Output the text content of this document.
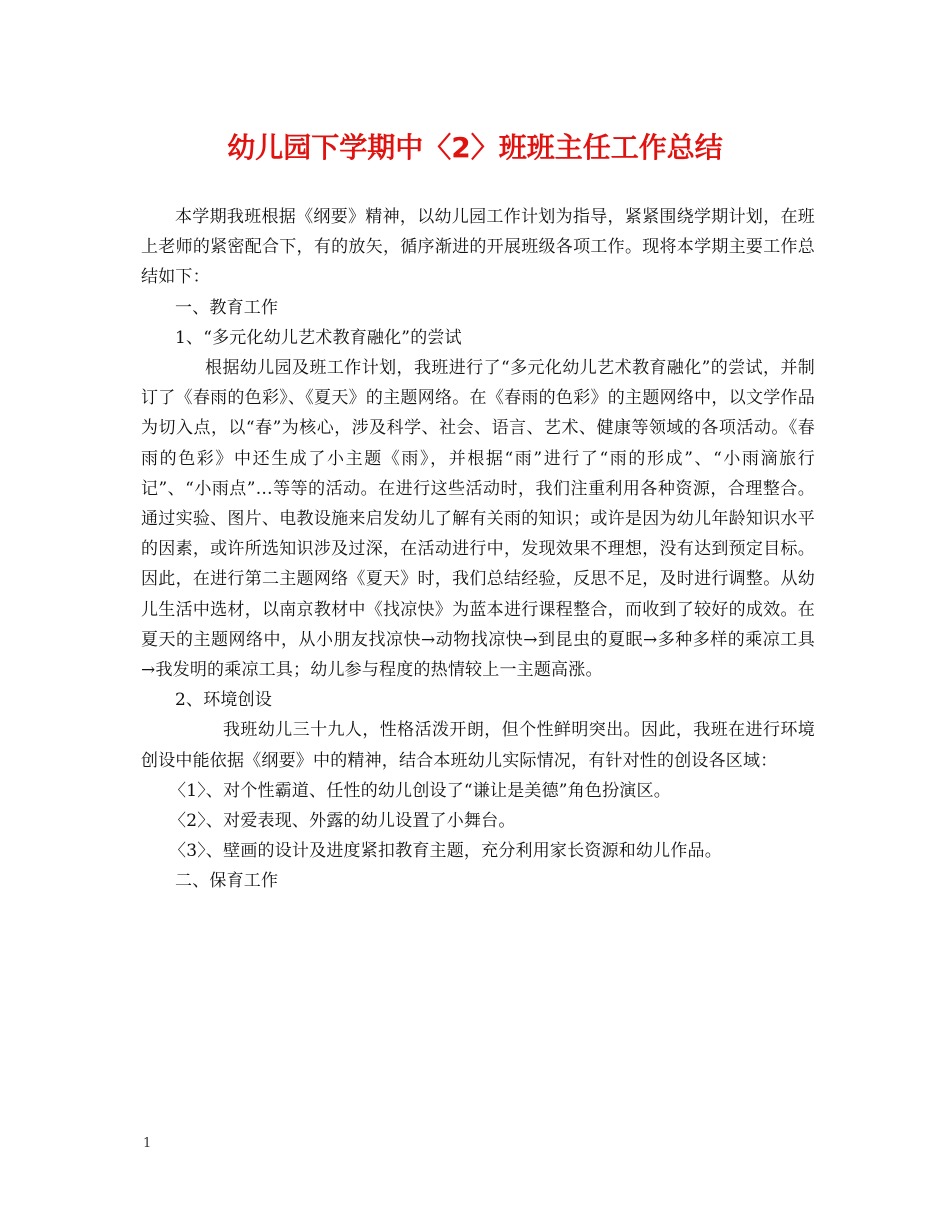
幼儿园下学期中〈2〉班班主任工作总结

本学期我班根据《纲要》精神，以幼儿园工作计划为指导，紧紧围绕学期计划，在班上老师的紧密配合下，有的放矢，循序渐进的开展班级各项工作。现将本学期主要工作总结如下：

一、教育工作

1、“多元化幼儿艺术教育融化”的尝试

根据幼儿园及班工作计划，我班进行了“多元化幼儿艺术教育融化”的尝试，并制订了《春雨的色彩》、《夏天》的主题网络。在《春雨的色彩》的主题网络中，以文学作品为切入点，以“春”为核心，涉及科学、社会、语言、艺术、健康等领域的各项活动。《春雨的色彩》中还生成了小主题《雨》，并根据“雨”进行了“雨的形成”、“小雨滴旅行记”、“小雨点”…等等的活动。在进行这些活动时，我们注重利用各种资源，合理整合。通过实验、图片、电教设施来启发幼儿了解有关雨的知识；或许是因为幼儿年龄知识水平的因素，或许所选知识涉及过深，在活动进行中，发现效果不理想，没有达到预定目标。因此，在进行第二主题网络《夏天》时，我们总结经验，反思不足，及时进行调整。从幼儿生活中选材，以南京教材中《找凉快》为蓝本进行课程整合，而收到了较好的成效。在夏天的主题网络中，从小朋友找凉快→动物找凉快→到昆虫的夏眠→多种多样的乘凉工具→我发明的乘凉工具；幼儿参与程度的热情较上一主题高涨。

2、环境创设

我班幼儿三十九人，性格活泼开朗，但个性鲜明突出。因此，我班在进行环境创设中能依据《纲要》中的精神，结合本班幼儿实际情况，有针对性的创设各区域：

〈1〉、对个性霸道、任性的幼儿创设了“谦让是美德”角色扮演区。

〈2〉、对爱表现、外露的幼儿设置了小舞台。

〈3〉、壁画的设计及进度紧扣教育主题，充分利用家长资源和幼儿作品。

二、保育工作

1
